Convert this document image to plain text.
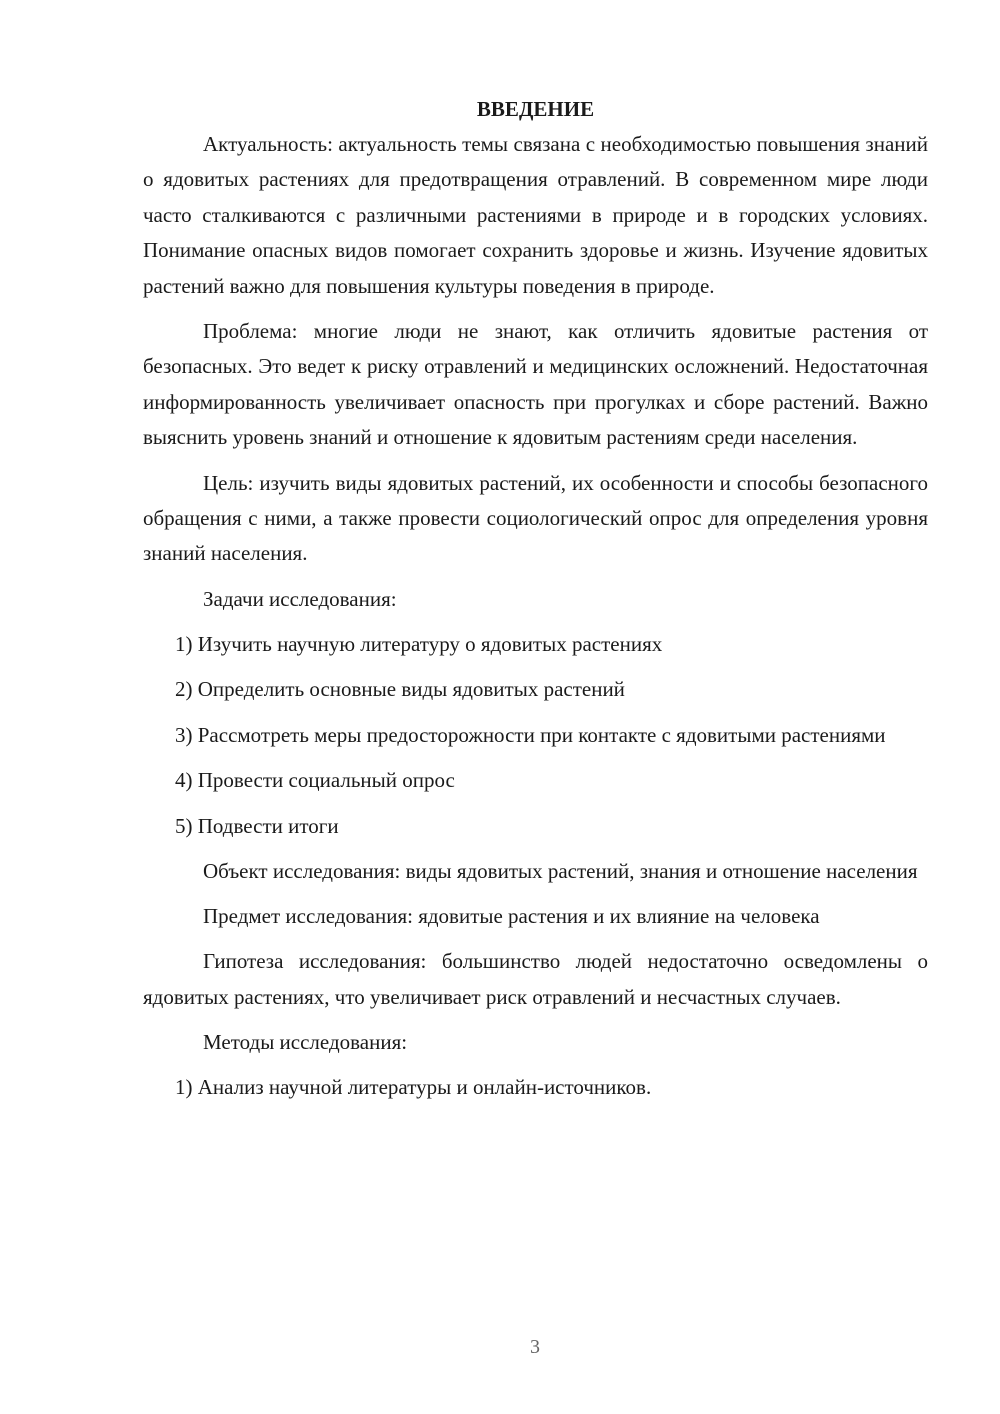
ВВЕДЕНИЕ

Актуальность: актуальность темы связана с необходимостью повышения знаний о ядовитых растениях для предотвращения отравлений. В современном мире люди часто сталкиваются с различными растениями в природе и в городских условиях. Понимание опасных видов помогает сохранить здоровье и жизнь. Изучение ядовитых растений важно для повышения культуры поведения в природе.

Проблема: многие люди не знают, как отличить ядовитые растения от безопасных. Это ведет к риску отравлений и медицинских осложнений. Недостаточная информированность увеличивает опасность при прогулках и сборе растений. Важно выяснить уровень знаний и отношение к ядовитым растениям среди населения.

Цель: изучить виды ядовитых растений, их особенности и способы безопасного обращения с ними, а также провести социологический опрос для определения уровня знаний населения.

Задачи исследования:

1) Изучить научную литературу о ядовитых растениях

2) Определить основные виды ядовитых растений

3) Рассмотреть меры предосторожности при контакте с ядовитыми растениями

4) Провести социальный опрос

5) Подвести итоги

Объект исследования: виды ядовитых растений, знания и отношение населения

Предмет исследования: ядовитые растения и их влияние на человека

Гипотеза исследования: большинство людей недостаточно осведомлены о ядовитых растениях, что увеличивает риск отравлений и несчастных случаев.

Методы исследования:

1) Анализ научной литературы и онлайн-источников.

3
